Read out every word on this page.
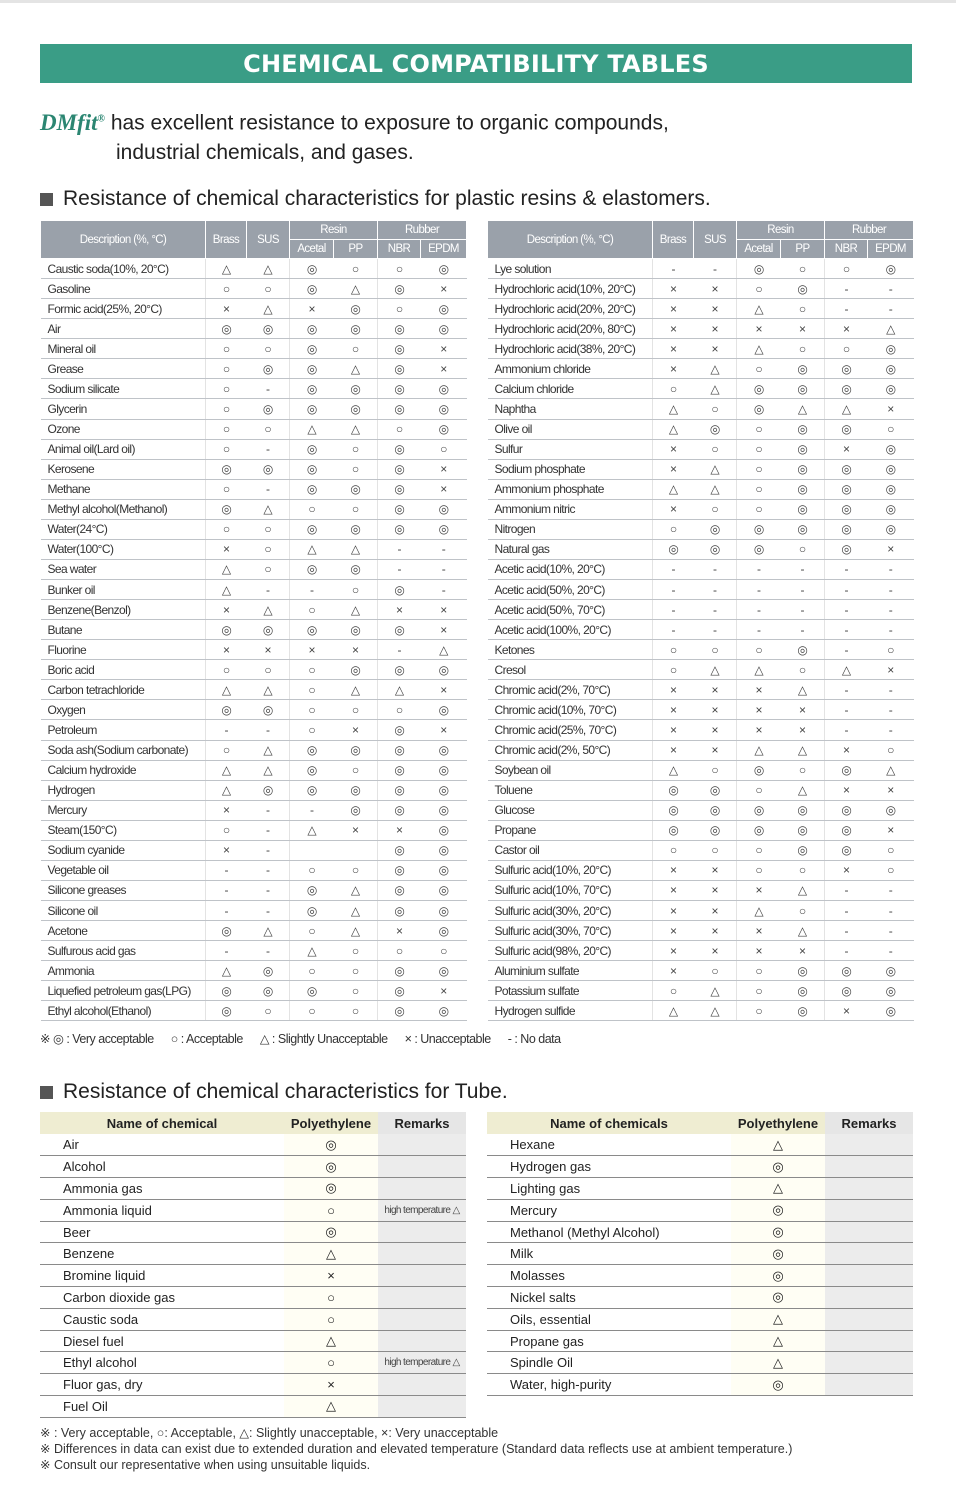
CHEMICAL COMPATIBILITY TABLES
DMfit® has excellent resistance to exposure to organic compounds,
industrial chemicals, and gases.
Resistance of chemical characteristics for plastic resins & elastomers.
Description (%, °C)	Brass	SUS	Resin		Rubber	
			Acetal	PP	NBR	EPDM
Caustic soda(10%, 20°C)	△	△	◎	○	○	◎
Gasoline	○	○	◎	△	◎	×
Formic acid(25%, 20°C)	×	△	×	◎	○	◎
Air	◎	◎	◎	◎	◎	◎
Mineral oil	○	○	◎	○	◎	×
Grease	○	◎	◎	△	◎	×
Sodium silicate	○	-	◎	◎	◎	◎
Glycerin	○	◎	◎	◎	◎	◎
Ozone	○	○	△	△	○	◎
Animal oil(Lard oil)	○	-	◎	○	◎	○
Kerosene	◎	◎	◎	○	◎	×
Methane	○	-	◎	◎	◎	×
Methyl alcohol(Methanol)	◎	△	○	○	◎	◎
Water(24°C)	○	○	◎	◎	◎	◎
Water(100°C)	×	○	△	△	-	-
Sea water	△	○	◎	◎	-	-
Bunker oil	△	-	-	○	◎	-
Benzene(Benzol)	×	△	○	△	×	×
Butane	◎	◎	◎	◎	◎	×
Fluorine	×	×	×	×	-	△
Boric acid	○	○	○	◎	◎	◎
Carbon tetrachloride	△	△	○	△	△	×
Oxygen	◎	◎	○	○	○	◎
Petroleum	-	-	○	×	◎	×
Soda ash(Sodium carbonate)	○	△	◎	◎	◎	◎
Calcium hydroxide	△	△	◎	○	◎	◎
Hydrogen	△	◎	◎	◎	◎	◎
Mercury	×	-	-	◎	◎	◎
Steam(150°C)	○	-	△	×	×	◎
Sodium cyanide	×	-			◎	◎
Vegetable oil	-	-	○	○	◎	◎
Silicone greases	-	-	◎	△	◎	◎
Silicone oil	-	-	◎	△	◎	◎
Acetone	◎	△	○	△	×	◎
Sulfurous acid gas	-	-	△	○	○	○
Ammonia	△	◎	○	○	◎	◎
Liquefied petroleum gas(LPG)	◎	◎	◎	○	◎	×
Ethyl alcohol(Ethanol)	◎	○	○	○	◎	◎
Description (%, °C)	Brass	SUS	Resin		Rubber	
			Acetal	PP	NBR	EPDM
Lye solution	-	-	◎	○	○	◎
Hydrochloric acid(10%, 20°C)	×	×	○	◎	-	-
Hydrochloric acid(20%, 20°C)	×	×	△	○	-	-
Hydrochloric acid(20%, 80°C)	×	×	×	×	×	△
Hydrochloric acid(38%, 20°C)	×	×	△	○	○	◎
Ammonium chloride	×	△	○	◎	◎	◎
Calcium chloride	○	△	◎	◎	◎	◎
Naphtha	△	○	◎	△	△	×
Olive oil	△	◎	○	◎	◎	○
Sulfur	×	○	○	◎	×	◎
Sodium phosphate	×	△	○	◎	◎	◎
Ammonium phosphate	△	△	○	◎	◎	◎
Ammonium nitric	×	○	○	◎	◎	◎
Nitrogen	○	◎	◎	◎	◎	◎
Natural gas	◎	◎	◎	○	◎	×
Acetic acid(10%, 20°C)	-	-	-	-	-	-
Acetic acid(50%, 20°C)	-	-	-	-	-	-
Acetic acid(50%, 70°C)	-	-	-	-	-	-
Acetic acid(100%, 20°C)	-	-	-	-	-	-
Ketones	○	○	○	◎	-	○
Cresol	○	△	△	○	△	×
Chromic acid(2%, 70°C)	×	×	×	△	-	-
Chromic acid(10%, 70°C)	×	×	×	×	-	-
Chromic acid(25%, 70°C)	×	×	×	×	-	-
Chromic acid(2%, 50°C)	×	×	△	△	×	○
Soybean oil	△	○	◎	○	◎	△
Toluene	◎	◎	○	△	×	×
Glucose	◎	◎	◎	◎	◎	◎
Propane	◎	◎	◎	◎	◎	×
Castor oil	○	○	○	◎	◎	○
Sulfuric acid(10%, 20°C)	×	×	○	○	×	○
Sulfuric acid(10%, 70°C)	×	×	×	△	-	-
Sulfuric acid(30%, 20°C)	×	×	△	○	-	-
Sulfuric acid(30%, 70°C)	×	×	×	△	-	-
Sulfuric acid(98%, 20°C)	×	×	×	×	-	-
Aluminium sulfate	×	○	○	◎	◎	◎
Potassium sulfate	○	△	○	◎	◎	◎
Hydrogen sulfide	△	△	○	◎	×	◎
※ ◎ : Very acceptable ○ : Acceptable △ : Slightly Unacceptable × : Unacceptable - : No data
Resistance of chemical characteristics for Tube.
Name of chemical	Polyethylene	Remarks
Air	◎	
Alcohol	◎	
Ammonia gas	◎	
Ammonia liquid	○	high temperature △
Beer	◎	
Benzene	△	
Bromine liquid	×	
Carbon dioxide gas	○	
Caustic soda	○	
Diesel fuel	△	
Ethyl alcohol	○	high temperature △
Fluor gas, dry	×	
Fuel Oil	△	
Name of chemicals	Polyethylene	Remarks
Hexane	△	
Hydrogen gas	◎	
Lighting gas	△	
Mercury	◎	
Methanol (Methyl Alcohol)	◎	
Milk	◎	
Molasses	◎	
Nickel salts	◎	
Oils, essential	△	
Propane gas	△	
Spindle Oil	△	
Water, high-purity	◎	
※ : Very acceptable, ○: Acceptable, △: Slightly unacceptable, ×: Very unacceptable
※ Differences in data can exist due to extended duration and elevated temperature (Standard data reflects use at ambient temperature.)
※ Consult our representative when using unsuitable liquids.
